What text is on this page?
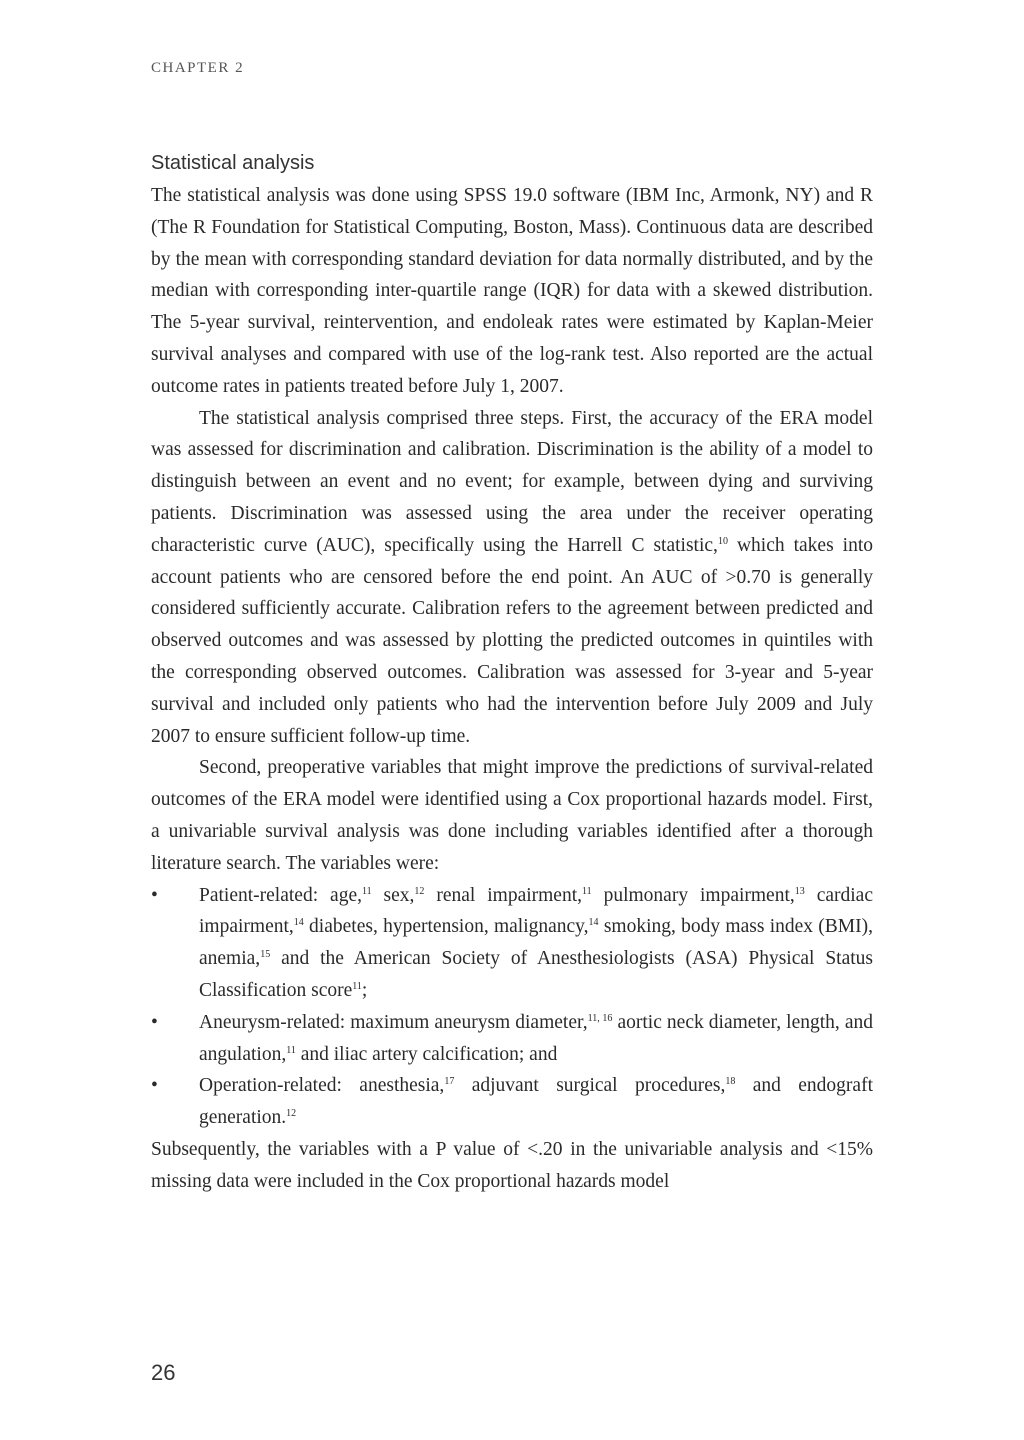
CHAPTER 2
Statistical analysis

The statistical analysis was done using SPSS 19.0 software (IBM Inc, Armonk, NY) and R (The R Foundation for Statistical Computing, Boston, Mass). Continuous data are described by the mean with corresponding standard deviation for data normally distributed, and by the median with corresponding inter-quartile range (IQR) for data with a skewed distribution. The 5-year survival, reintervention, and endoleak rates were estimated by Kaplan-Meier survival analyses and compared with use of the log-rank test. Also reported are the actual outcome rates in patients treated before July 1, 2007.

The statistical analysis comprised three steps. First, the accuracy of the ERA model was assessed for discrimination and calibration. Discrimination is the ability of a model to distinguish between an event and no event; for example, between dying and surviving patients. Discrimination was assessed using the area under the receiver operating characteristic curve (AUC), specifically using the Harrell C statistic,$^{10}$ which takes into account patients who are censored before the end point. An AUC of >0.70 is generally considered sufficiently accurate. Calibration refers to the agreement between predicted and observed outcomes and was assessed by plotting the predicted outcomes in quintiles with the corresponding observed outcomes. Calibration was assessed for 3-year and 5-year survival and included only patients who had the intervention before July 2009 and July 2007 to ensure sufficient follow-up time.

Second, preoperative variables that might improve the predictions of survival-related outcomes of the ERA model were identified using a Cox proportional hazards model. First, a univariable survival analysis was done including variables identified after a thorough literature search. The variables were:

• Patient-related: age,$^{11}$ sex,$^{12}$ renal impairment,$^{11}$ pulmonary impairment,$^{13}$ cardiac impairment,$^{14}$ diabetes, hypertension, malignancy,$^{14}$ smoking, body mass index (BMI), anemia,$^{15}$ and the American Society of Anesthesiologists (ASA) Physical Status Classification score$^{11}$;
• Aneurysm-related: maximum aneurysm diameter,$^{11, 16}$ aortic neck diameter, length, and angulation,$^{11}$ and iliac artery calcification; and
• Operation-related: anesthesia,$^{17}$ adjuvant surgical procedures,$^{18}$ and endograft generation.$^{12}$

Subsequently, the variables with a P value of <.20 in the univariable analysis and <15% missing data were included in the Cox proportional hazards model

26
